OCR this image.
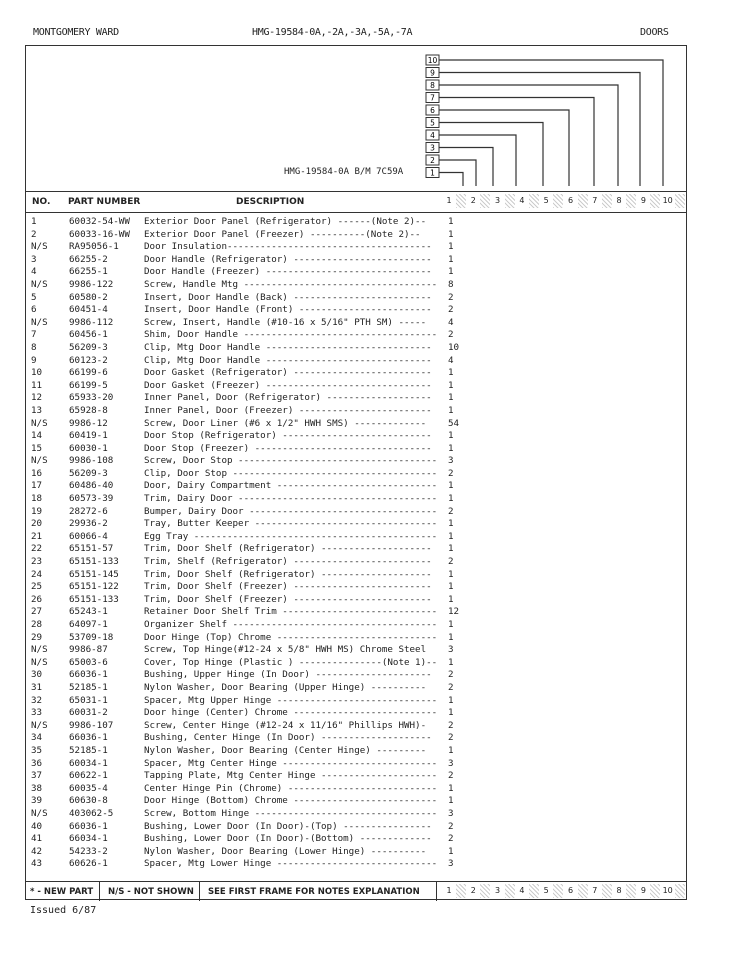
MONTGOMERY WARD	HMG-19584-0A,-2A,-3A,-5A,-7A	DOORS
10
9
8
7
6
5
4
3
2
1
HMG-19584-0A B/M 7C59A
NO. PART NUMBER	DESCRIPTION
1	60032-54-WW Exterior Door Panel (Refrigerator) ------(Note 2)--	1
2	60033-16-WW Exterior Door Panel (Freezer) ----------(Note 2)--	1
N/S RA95056-1	Door Insulation-------------------------------------	1
3	66255-2	Door Handle (Refrigerator) -------------------------	1
4	66255-1	Door Handle (Freezer) ------------------------------	1
N/S 9986-122	Screw, Handle Mtg -----------------------------------	8
5	60580-2	Insert, Door Handle (Back) -------------------------	2
6	60451-4	Insert, Door Handle (Front) ------------------------	2
N/S 9986-112	Screw, Insert, Handle (#10-16 x 5/16" PTH SM) -----	4
7	60456-1	Shim, Door Handle -----------------------------------	2
8	56209-3	Clip, Mtg Door Handle ------------------------------	10
9	60123-2	Clip, Mtg Door Handle ------------------------------	4
10	66199-6	Door Gasket (Refrigerator) -------------------------	1
11	66199-5	Door Gasket (Freezer) ------------------------------	1
12	65933-20	Inner Panel, Door (Refrigerator) -------------------	1
13	65928-8	Inner Panel, Door (Freezer) ------------------------	1
N/S 9986-12	Screw, Door Liner (#6 x 1/2" HWH SMS) -------------	54
14	60419-1	Door Stop (Refrigerator) ---------------------------	1
15	60030-1	Door Stop (Freezer) --------------------------------	1
N/S 9986-108	Screw, Door Stop ------------------------------------	3
16	56209-3	Clip, Door Stop -------------------------------------	2
17	60486-40	Door, Dairy Compartment -----------------------------	1
18	60573-39	Trim, Dairy Door ------------------------------------	1
19	28272-6	Bumper, Dairy Door ----------------------------------	2
20	29936-2	Tray, Butter Keeper ---------------------------------	1
21	60066-4	Egg Tray --------------------------------------------	1
22	65151-57	Trim, Door Shelf (Refrigerator) --------------------	1
23	65151-133	Trim, Shelf (Refrigerator) -------------------------	2
24	65151-145	Trim, Door Shelf (Refrigerator) --------------------	1
25	65151-122	Trim, Door Shelf (Freezer) -------------------------	1
26	65151-133	Trim, Door Shelf (Freezer) -------------------------	1
27	65243-1	Retainer Door Shelf Trim ----------------------------	12
28	64097-1	Organizer Shelf -------------------------------------	1
29	53709-18	Door Hinge (Top) Chrome -----------------------------	1
N/S 9986-87	Screw, Top Hinge(#12-24 x 5/8" HWH MS) Chrome Steel	3
N/S 65003-6	Cover, Top Hinge (Plastic ) ---------------(Note 1)--	1
30	66036-1	Bushing, Upper Hinge (In Door) ---------------------	2
31	52185-1	Nylon Washer, Door Bearing (Upper Hinge) ----------	2
32	65031-1	Spacer, Mtg Upper Hinge -----------------------------	1
33	60031-2	Door hinge (Center) Chrome --------------------------	1
N/S 9986-107	Screw, Center Hinge (#12-24 x 11/16" Phillips HWH)-	2
34	66036-1	Bushing, Center Hinge (In Door) --------------------	2
35	52185-1	Nylon Washer, Door Bearing (Center Hinge) ---------	1
36	60034-1	Spacer, Mtg Center Hinge ----------------------------	3
37	60622-1	Tapping Plate, Mtg Center Hinge ---------------------	2
38	60035-4	Center Hinge Pin (Chrome) ---------------------------	1
39	60630-8	Door Hinge (Bottom) Chrome --------------------------	1
N/S 403062-5	Screw, Bottom Hinge ---------------------------------	3
40	66036-1	Bushing, Lower Door (In Door)-(Top) ----------------	2
41	66034-1	Bushing, Lower Door (In Door)-(Bottom) -------------	2
42	54233-2	Nylon Washer, Door Bearing (Lower Hinge) ----------	1
43	60626-1	Spacer, Mtg Lower Hinge -----------------------------	3
* - NEW PART N/S - NOT SHOWN SEE FIRST FRAME FOR NOTES EXPLANATION
1	2	3	4	5	6	7	8	9	10
1	2	3	4	5	6	7	8	9	10
Issued 6/87
